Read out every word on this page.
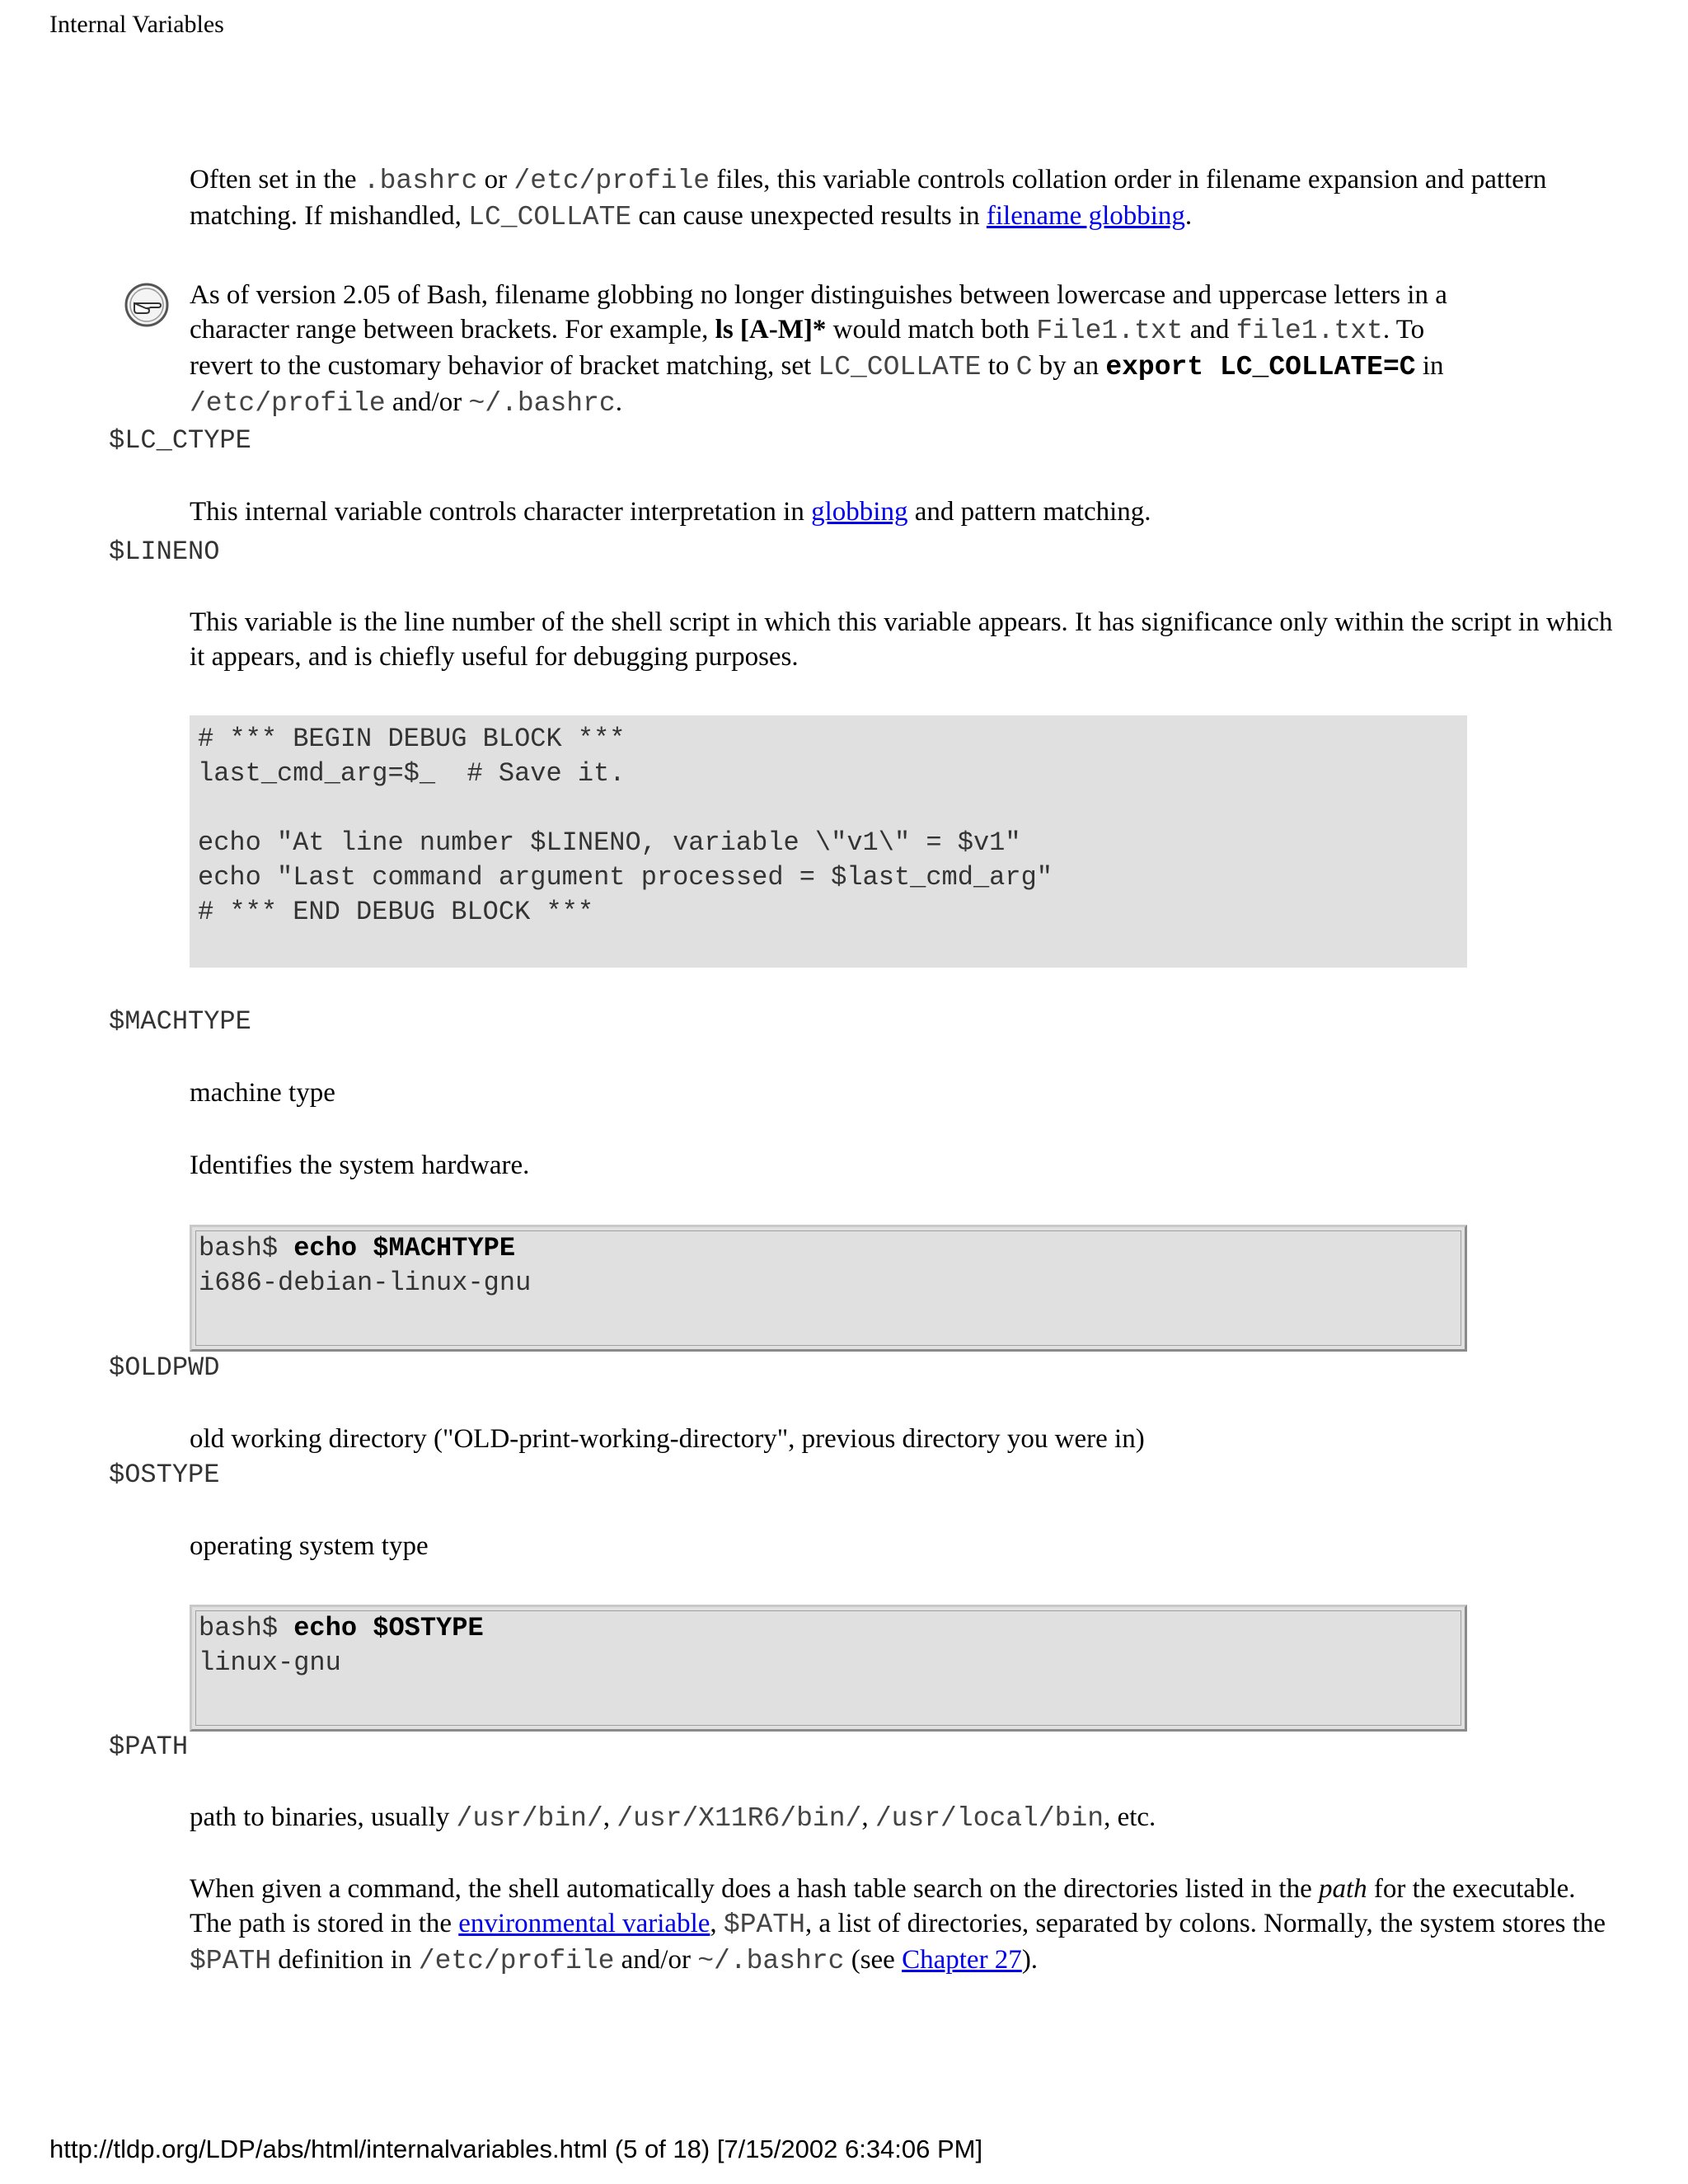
Internal Variables
Often set in the .bashrc or /etc/profile files, this variable controls collation order in filename expansion and pattern matching. If mishandled, LC_COLLATE can cause unexpected results in filename globbing.
As of version 2.05 of Bash, filename globbing no longer distinguishes between lowercase and uppercase letters in a character range between brackets. For example, ls [A-M]* would match both File1.txt and file1.txt. To revert to the customary behavior of bracket matching, set LC_COLLATE to C by an export LC_COLLATE=C in /etc/profile and/or ~/.bashrc.
$LC_CTYPE
This internal variable controls character interpretation in globbing and pattern matching.
$LINENO
This variable is the line number of the shell script in which this variable appears. It has significance only within the script in which it appears, and is chiefly useful for debugging purposes.
# *** BEGIN DEBUG BLOCK ***
last_cmd_arg=$_  # Save it.

echo "At line number $LINENO, variable \"v1\" = $v1"
echo "Last command argument processed = $last_cmd_arg"
# *** END DEBUG BLOCK ***
$MACHTYPE
machine type
Identifies the system hardware.
bash$ echo $MACHTYPE
i686-debian-linux-gnu
$OLDPWD
old working directory ("OLD-print-working-directory", previous directory you were in)
$OSTYPE
operating system type
bash$ echo $OSTYPE
linux-gnu
$PATH
path to binaries, usually /usr/bin/, /usr/X11R6/bin/, /usr/local/bin, etc.
When given a command, the shell automatically does a hash table search on the directories listed in the path for the executable. The path is stored in the environmental variable, $PATH, a list of directories, separated by colons. Normally, the system stores the $PATH definition in /etc/profile and/or ~/.bashrc (see Chapter 27).
http://tldp.org/LDP/abs/html/internalvariables.html (5 of 18) [7/15/2002 6:34:06 PM]
